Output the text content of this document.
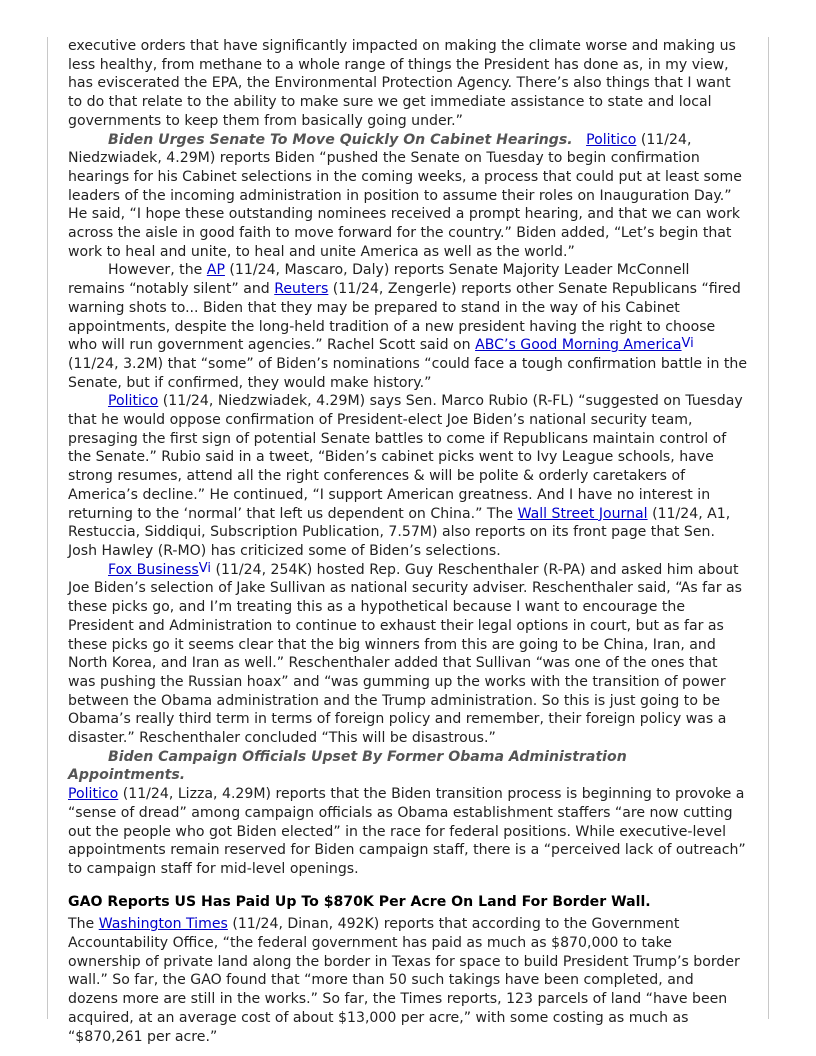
executive orders that have significantly impacted on making the climate worse and making us less healthy, from methane to a whole range of things the President has done as, in my view, has eviscerated the EPA, the Environmental Protection Agency. There’s also things that I want to do that relate to the ability to make sure we get immediate assistance to state and local governments to keep them from basically going under.”

Biden Urges Senate To Move Quickly On Cabinet Hearings. Politico (11/24, Niedzwiadek, 4.29M) reports Biden “pushed the Senate on Tuesday to begin confirmation hearings for his Cabinet selections in the coming weeks, a process that could put at least some leaders of the incoming administration in position to assume their roles on Inauguration Day.” He said, “I hope these outstanding nominees received a prompt hearing, and that we can work across the aisle in good faith to move forward for the country.” Biden added, “Let’s begin that work to heal and unite, to heal and unite America as well as the world.”

However, the AP (11/24, Mascaro, Daly) reports Senate Majority Leader McConnell remains “notably silent” and Reuters (11/24, Zengerle) reports other Senate Republicans “fired warning shots to... Biden that they may be prepared to stand in the way of his Cabinet appointments, despite the long-held tradition of a new president having the right to choose who will run government agencies.” Rachel Scott said on ABC’s Good Morning America$^{Vi}$ (11/24, 3.2M) that “some” of Biden’s nominations “could face a tough confirmation battle in the Senate, but if confirmed, they would make history.”

Politico (11/24, Niedzwiadek, 4.29M) says Sen. Marco Rubio (R-FL) “suggested on Tuesday that he would oppose confirmation of President-elect Joe Biden’s national security team, presaging the first sign of potential Senate battles to come if Republicans maintain control of the Senate.” Rubio said in a tweet, “Biden’s cabinet picks went to Ivy League schools, have strong resumes, attend all the right conferences & will be polite & orderly caretakers of America’s decline.” He continued, “I support American greatness. And I have no interest in returning to the ‘normal’ that left us dependent on China.” The Wall Street Journal (11/24, A1, Restuccia, Siddiqui, Subscription Publication, 7.57M) also reports on its front page that Sen. Josh Hawley (R-MO) has criticized some of Biden’s selections.

Fox Business$^{Vi}$ (11/24, 254K) hosted Rep. Guy Reschenthaler (R-PA) and asked him about Joe Biden’s selection of Jake Sullivan as national security adviser. Reschenthaler said, “As far as these picks go, and I’m treating this as a hypothetical because I want to encourage the President and Administration to continue to exhaust their legal options in court, but as far as these picks go it seems clear that the big winners from this are going to be China, Iran, and North Korea, and Iran as well.” Reschenthaler added that Sullivan “was one of the ones that was pushing the Russian hoax” and “was gumming up the works with the transition of power between the Obama administration and the Trump administration. So this is just going to be Obama’s really third term in terms of foreign policy and remember, their foreign policy was a disaster.” Reschenthaler concluded “This will be disastrous.”

Biden Campaign Officials Upset By Former Obama Administration Appointments.

Politico (11/24, Lizza, 4.29M) reports that the Biden transition process is beginning to provoke a “sense of dread” among campaign officials as Obama establishment staffers “are now cutting out the people who got Biden elected” in the race for federal positions. While executive-level appointments remain reserved for Biden campaign staff, there is a “perceived lack of outreach” to campaign staff for mid-level openings.

GAO Reports US Has Paid Up To $870K Per Acre On Land For Border Wall.

The Washington Times (11/24, Dinan, 492K) reports that according to the Government Accountability Office, “the federal government has paid as much as $870,000 to take ownership of private land along the border in Texas for space to build President Trump’s border wall.” So far, the GAO found that “more than 50 such takings have been completed, and dozens more are still in the works.” So far, the Times reports, 123 parcels of land “have been acquired, at an average cost of about $13,000 per acre,” with some costing as much as “$870,261 per acre.”
